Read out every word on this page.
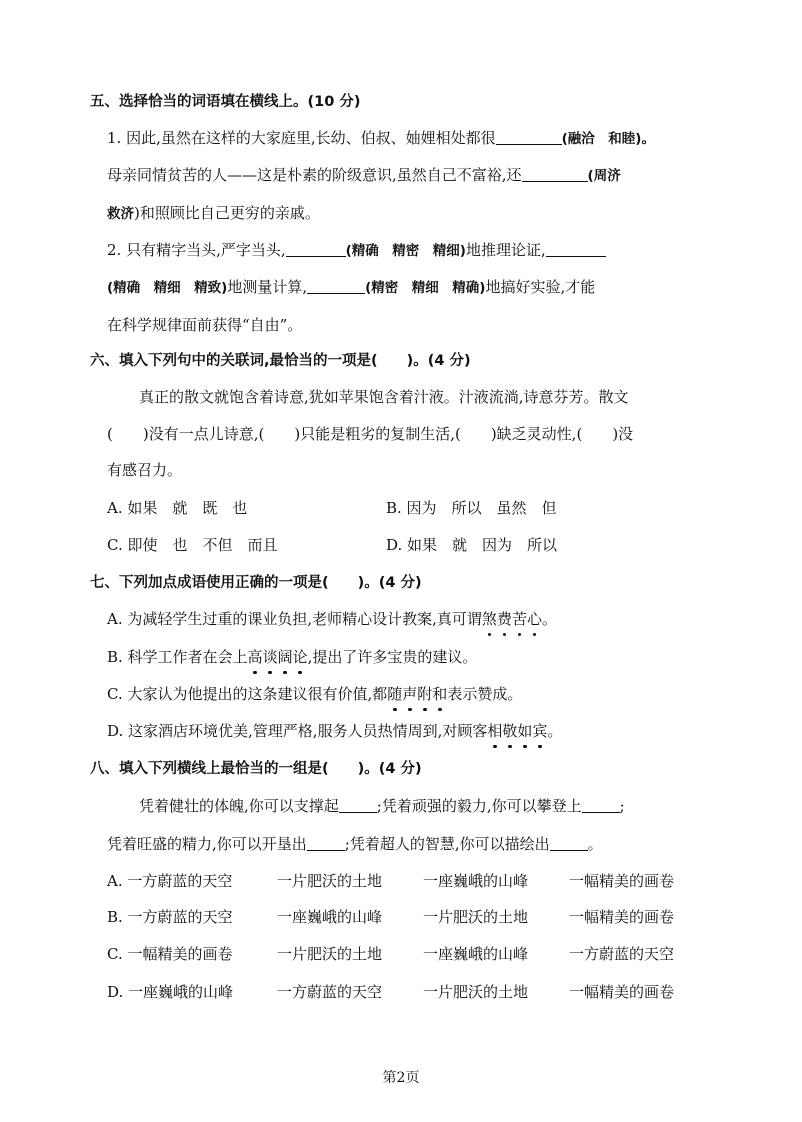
五、选择恰当的词语填在横线上。(10 分)
1. 因此,虽然在这样的大家庭里,长幼、伯叔、妯娌相处都很	(融洽　和睦)。
母亲同情贫苦的人——这是朴素的阶级意识,虽然自己不富裕,还	(周济
救济)和照顾比自己更穷的亲戚。
2. 只有精字当头,严字当头,	(精确　精密　精细)地推理论证,
(精确　精细　精致)地测量计算,	(精密　精细　精确)地搞好实验,才能
在科学规律面前获得“自由”。
六、填入下列句中的关联词,最恰当的一项是(　　)。(4 分)
真正的散文就饱含着诗意,犹如苹果饱含着汁液。汁液流淌,诗意芬芳。散文
( )没有一点儿诗意,( )只能是粗劣的复制生活,( )缺乏灵动性,( )没
有感召力。
A. 如果　就　既　也	B. 因为　所以　虽然　但
C. 即使　也　不但　而且	D. 如果　就　因为　所以
七、下列加点成语使用正确的一项是(　　)。(4 分)
A. 为减轻学生过重的课业负担,老师精心设计教案,真可谓煞费苦心。
B. 科学工作者在会上高谈阔论,提出了许多宝贵的建议。
C. 大家认为他提出的这条建议很有价值,都随声附和表示赞成。
D. 这家酒店环境优美,管理严格,服务人员热情周到,对顾客相敬如宾。
八、填入下列横线上最恰当的一组是(　　)。(4 分)
凭着健壮的体魄,你可以支撑起	;凭着顽强的毅力,你可以攀登上	;
凭着旺盛的精力,你可以开垦出	;凭着超人的智慧,你可以描绘出	。
A. 一方蔚蓝的天空	一片肥沃的土地	一座巍峨的山峰	一幅精美的画卷
B. 一方蔚蓝的天空	一座巍峨的山峰	一片肥沃的土地	一幅精美的画卷
C. 一幅精美的画卷	一片肥沃的土地	一座巍峨的山峰	一方蔚蓝的天空
D. 一座巍峨的山峰	一方蔚蓝的天空	一片肥沃的土地	一幅精美的画卷
第2页
